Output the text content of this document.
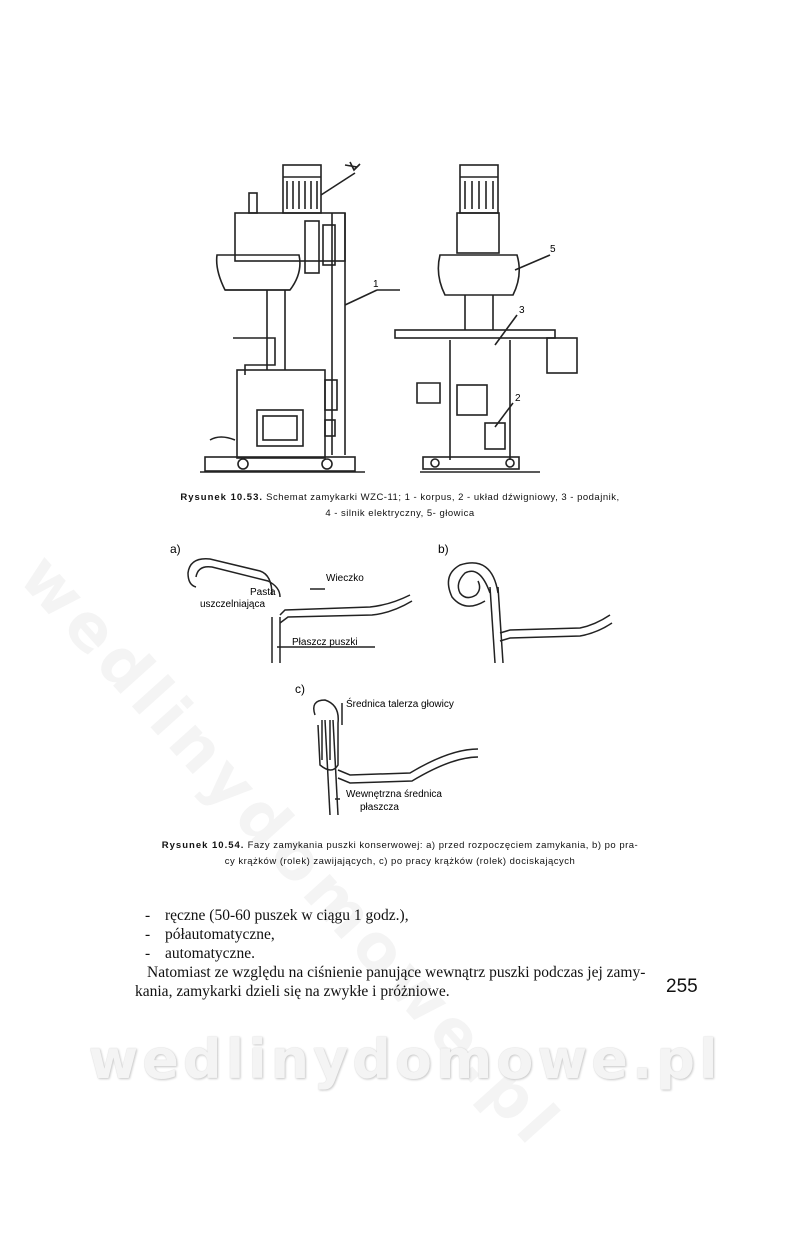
1
5
3
2
Rysunek 10.53. Schemat zamykarki WZC-11; 1 - korpus, 2 - układ dźwigniowy, 3 - podajnik,
4 - silnik elektryczny, 5- głowica
a)	b)
c)
Pasta
uszczelniająca
Wieczko
Płaszcz puszki
Średnica talerza głowicy
Wewnętrzna średnica
płaszcza
Rysunek 10.54. Fazy zamykania puszki konserwowej: a) przed rozpoczęciem zamykania, b) po pra-
cy krążków (rolek) zawijających, c) po pracy krążków (rolek) dociskających
- ręczne (50-60 puszek w ciągu 1 godz.),
- półautomatyczne,
- automatyczne.
Natomiast ze względu na ciśnienie panujące wewnątrz puszki podczas jej zamy-
kania, zamykarki dzieli się na zwykłe i próżniowe.	255
wedlinydomowe.pl
